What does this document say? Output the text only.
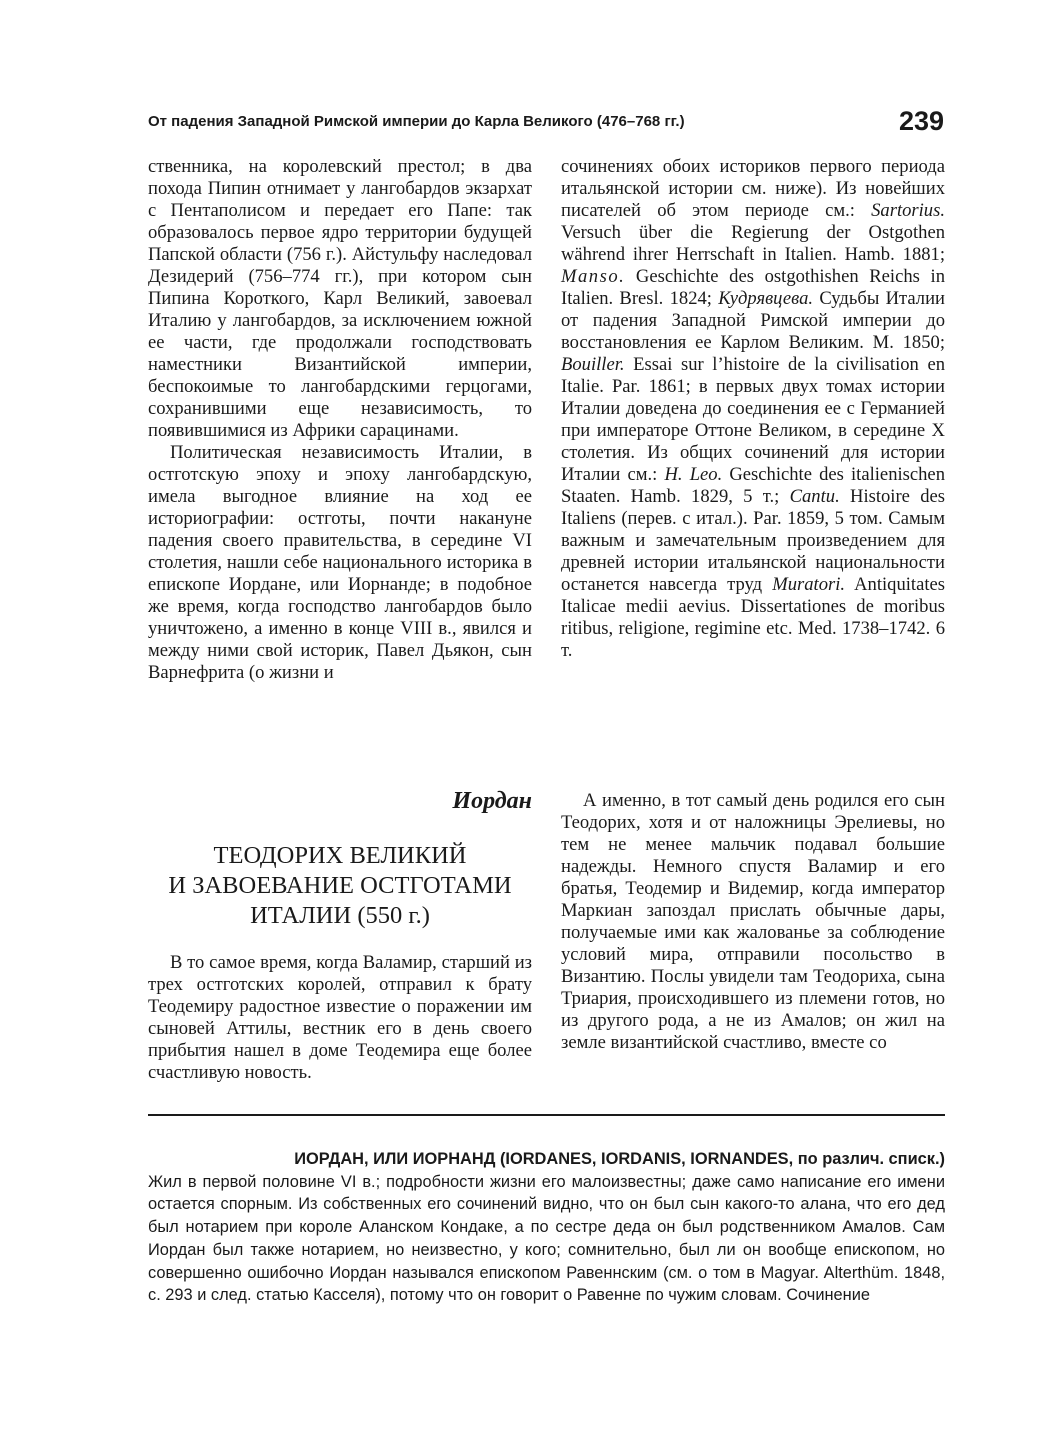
От падения Западной Римской империи до Карла Великого (476–768 гг.)	239

ственника, на королевский престол; в два похода Пипин отнимает у лангобардов экзархат с Пентаполисом и передает его Папе: так образовалось первое ядро территории будущей Папской области (756 г.). Айстульфу наследовал Дезидерий (756–774 гг.), при котором сын Пипина Короткого, Карл Великий, завоевал Италию у лангобардов, за исключением южной ее части, где продолжали господствовать наместники Византийской империи, беспокоимые то лангобардскими герцогами, сохранившими еще независимость, то появившимися из Африки сарацинами.

Политическая независимость Италии, в остготскую эпоху и эпоху лангобардскую, имела выгодное влияние на ход ее историографии: остготы, почти накануне падения своего правительства, в середине VI столетия, нашли себе национального историка в епископе Иордане, или Иорнанде; в подобное же время, когда господство лангобардов было уничтожено, а именно в конце VIII в., явился и между ними свой историк, Павел Дьякон, сын Варнефрита (о жизни и

сочинениях обоих историков первого периода итальянской истории см. ниже). Из новейших писателей об этом периоде см.: Sartorius. Versuch über die Regierung der Ostgothen während ihrer Herrschaft in Italien. Hamb. 1881; Manso. Geschichte des ostgothishen Reichs in Italien. Bresl. 1824; Кудрявцева. Судьбы Италии от падения Западной Римской империи до восстановления ее Карлом Великим. М. 1850; Bouiller. Essai sur l’histoire de la civilisation en Italie. Par. 1861; в первых двух томах истории Италии доведена до соединения ее с Германией при императоре Оттоне Великом, в середине X столетия. Из общих сочинений для истории Италии см.: H. Leo. Geschichte des italienischen Staaten. Hamb. 1829, 5 т.; Cantu. Histoire des Italiens (перев. с итал.). Par. 1859, 5 том. Самым важным и замечательным произведением для древней истории итальянской национальности останется навсегда труд Muratori. Antiquitates Italicae medii aevius. Dissertationes de moribus ritibus, religione, regimine etc. Med. 1738–1742. 6 т.

Иордан
ТЕОДОРИХ ВЕЛИКИЙ
И ЗАВОЕВАНИЕ ОСТГОТАМИ
ИТАЛИИ (550 г.)

В то самое время, когда Валамир, старший из трех остготских королей, отправил к брату Теодемиру радостное известие о поражении им сыновей Аттилы, вестник его в день своего прибытия нашел в доме Теодемира еще более счастливую новость.

А именно, в тот самый день родился его сын Теодорих, хотя и от наложницы Эрелиевы, но тем не менее мальчик подавал большие надежды. Немного спустя Валамир и его братья, Теодемир и Видемир, когда император Маркиан запоздал прислать обычные дары, получаемые ими как жалованье за соблюдение условий мира, отправили посольство в Византию. Послы увидели там Теодориха, сына Триария, происходившего из племени готов, но из другого рода, а не из Амалов; он жил на земле византийской счастливо, вместе со

ИОРДАН, ИЛИ ИОРНАНД (IORDANES, IORDANIS, IORNANDES, по различ. списк.)
Жил в первой половине VI в.; подробности жизни его малоизвестны; даже само написание его имени остается спорным. Из собственных его сочинений видно, что он был сын какого-то алана, что его дед был нотарием при короле Аланском Кондаке, а по сестре деда он был родственником Амалов. Сам Иордан был также нотарием, но неизвестно, у кого; сомнительно, был ли он вообще епископом, но совершенно ошибочно Иордан назывался епископом Равеннским (см. о том в Magyar. Alterthüm. 1848, с. 293 и след. статью Касселя), потому что он говорит о Равенне по чужим словам. Сочинение
